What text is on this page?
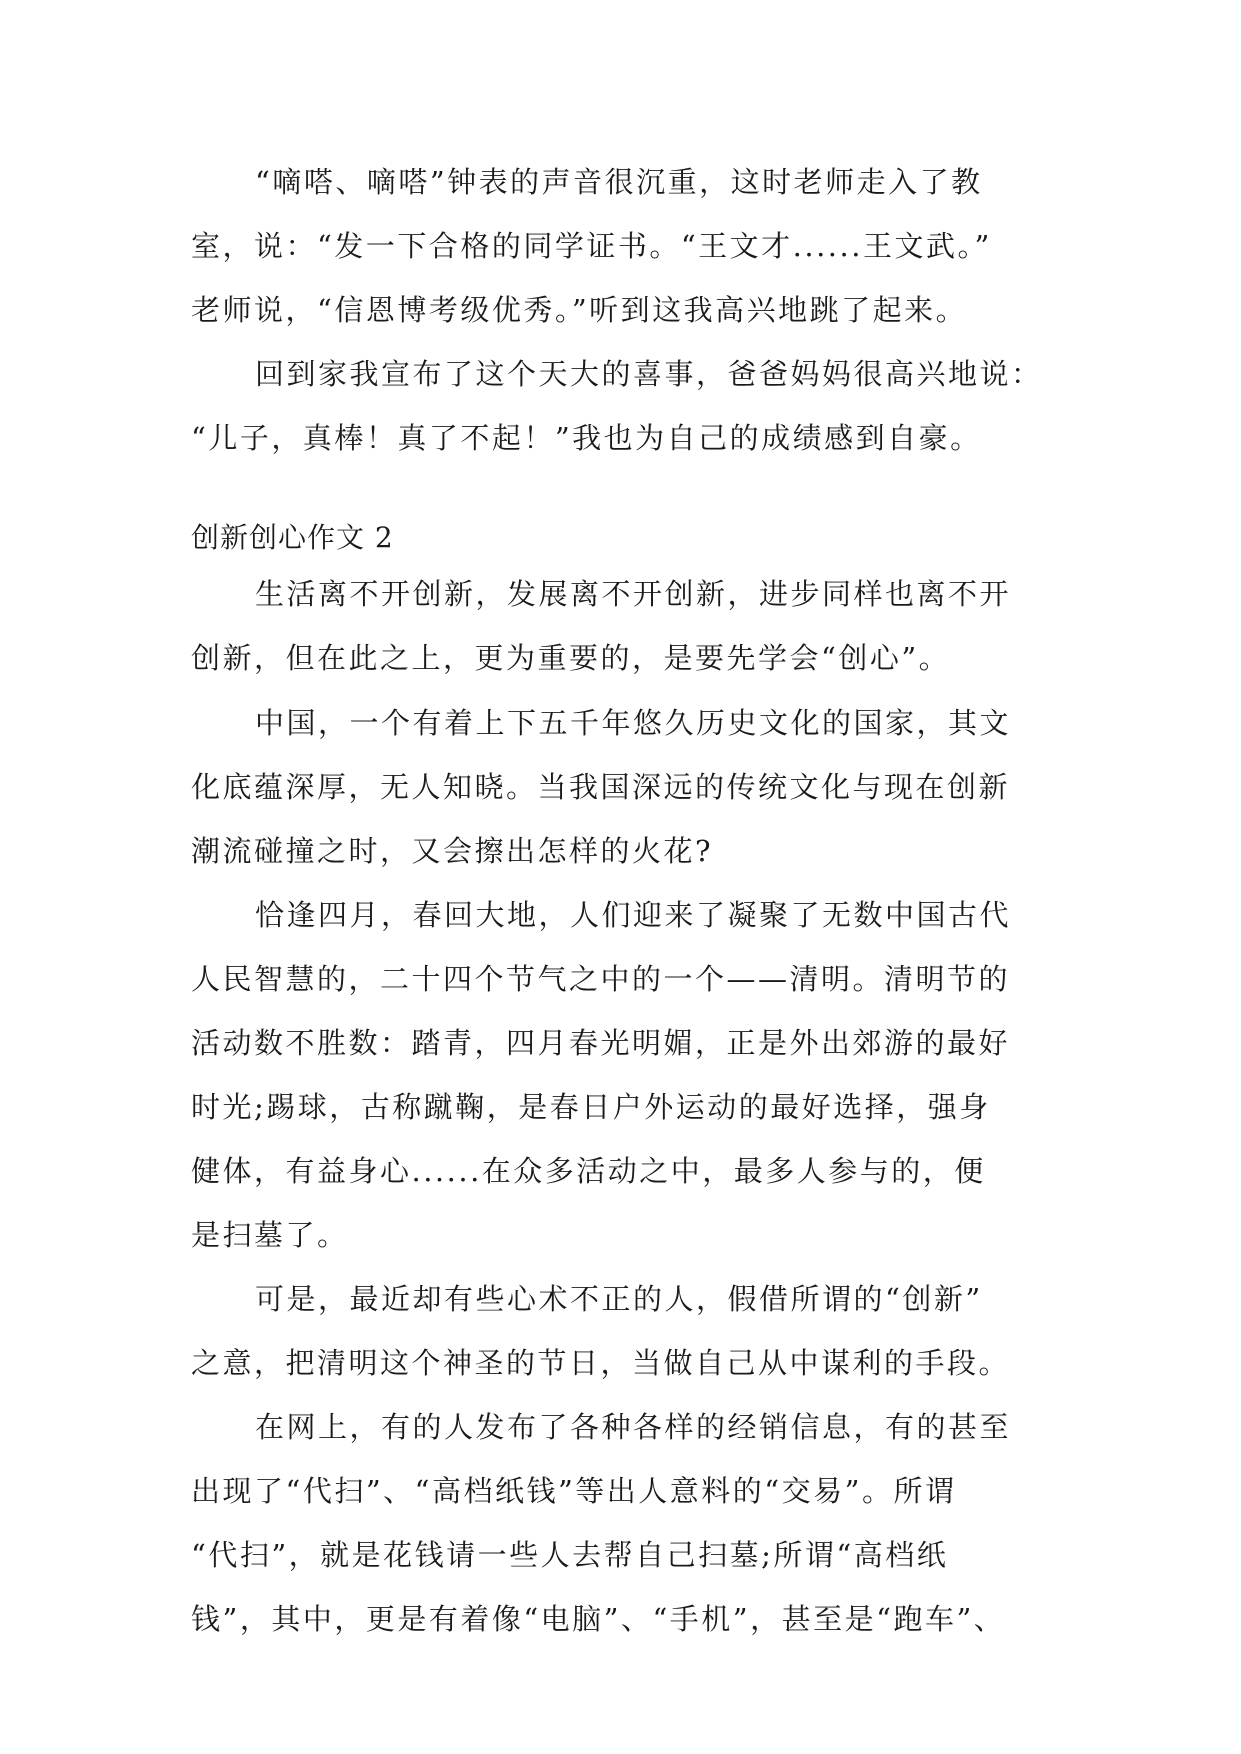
“嘀嗒、嘀嗒”钟表的声音很沉重，这时老师走入了教
室，说：“发一下合格的同学证书。“王文才......王文武。”
老师说，“信恩博考级优秀。”听到这我高兴地跳了起来。
回到家我宣布了这个天大的喜事，爸爸妈妈很高兴地说：
“儿子，真棒！真了不起！”我也为自己的成绩感到自豪。
创新创心作文 2
生活离不开创新，发展离不开创新，进步同样也离不开
创新，但在此之上，更为重要的，是要先学会“创心”。
中国，一个有着上下五千年悠久历史文化的国家，其文
化底蕴深厚，无人知晓。当我国深远的传统文化与现在创新
潮流碰撞之时，又会擦出怎样的火花?
恰逢四月，春回大地，人们迎来了凝聚了无数中国古代
人民智慧的，二十四个节气之中的一个——清明。清明节的
活动数不胜数：踏青，四月春光明媚，正是外出郊游的最好
时光;踢球，古称蹴鞠，是春日户外运动的最好选择，强身
健体，有益身心......在众多活动之中，最多人参与的，便
是扫墓了。
可是，最近却有些心术不正的人，假借所谓的“创新”
之意，把清明这个神圣的节日，当做自己从中谋利的手段。
在网上，有的人发布了各种各样的经销信息，有的甚至
出现了“代扫”、“高档纸钱”等出人意料的“交易”。所谓
“代扫”，就是花钱请一些人去帮自己扫墓;所谓“高档纸
钱”，其中，更是有着像“电脑”、“手机”，甚至是“跑车”、
